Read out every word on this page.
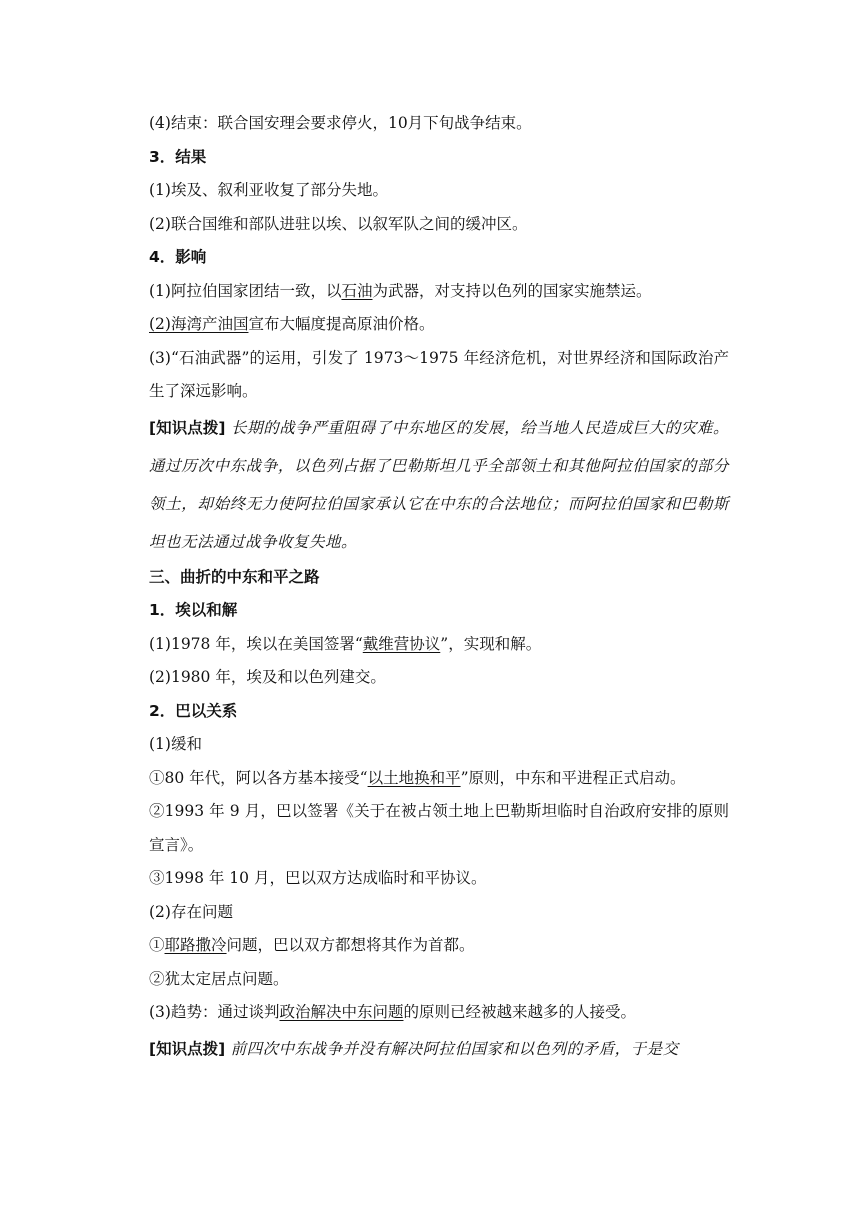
(4)结束：联合国安理会要求停火，10月下旬战争结束。
3．结果
(1)埃及、叙利亚收复了部分失地。
(2)联合国维和部队进驻以埃、以叙军队之间的缓冲区。
4．影响
(1)阿拉伯国家团结一致，以石油为武器，对支持以色列的国家实施禁运。
(2)海湾产油国宣布大幅度提高原油价格。
(3)“石油武器”的运用，引发了 1973～1975 年经济危机，对世界经济和国际政治产生了深远影响。
[知识点拨] 长期的战争严重阻碍了中东地区的发展，给当地人民造成巨大的灾难。通过历次中东战争，以色列占据了巴勒斯坦几乎全部领土和其他阿拉伯国家的部分领土，却始终无力使阿拉伯国家承认它在中东的合法地位；而阿拉伯国家和巴勒斯坦也无法通过战争收复失地。
三、曲折的中东和平之路
1．埃以和解
(1)1978 年，埃以在美国签署“戴维营协议”，实现和解。
(2)1980 年，埃及和以色列建交。
2．巴以关系
(1)缓和
①80 年代，阿以各方基本接受“以土地换和平”原则，中东和平进程正式启动。
②1993 年 9 月，巴以签署《关于在被占领土地上巴勒斯坦临时自治政府安排的原则宣言》。
③1998 年 10 月，巴以双方达成临时和平协议。
(2)存在问题
①耶路撒冷问题，巴以双方都想将其作为首都。
②犹太定居点问题。
(3)趋势：通过谈判政治解决中东问题的原则已经被越来越多的人接受。
[知识点拨] 前四次中东战争并没有解决阿拉伯国家和以色列的矛盾，于是交
